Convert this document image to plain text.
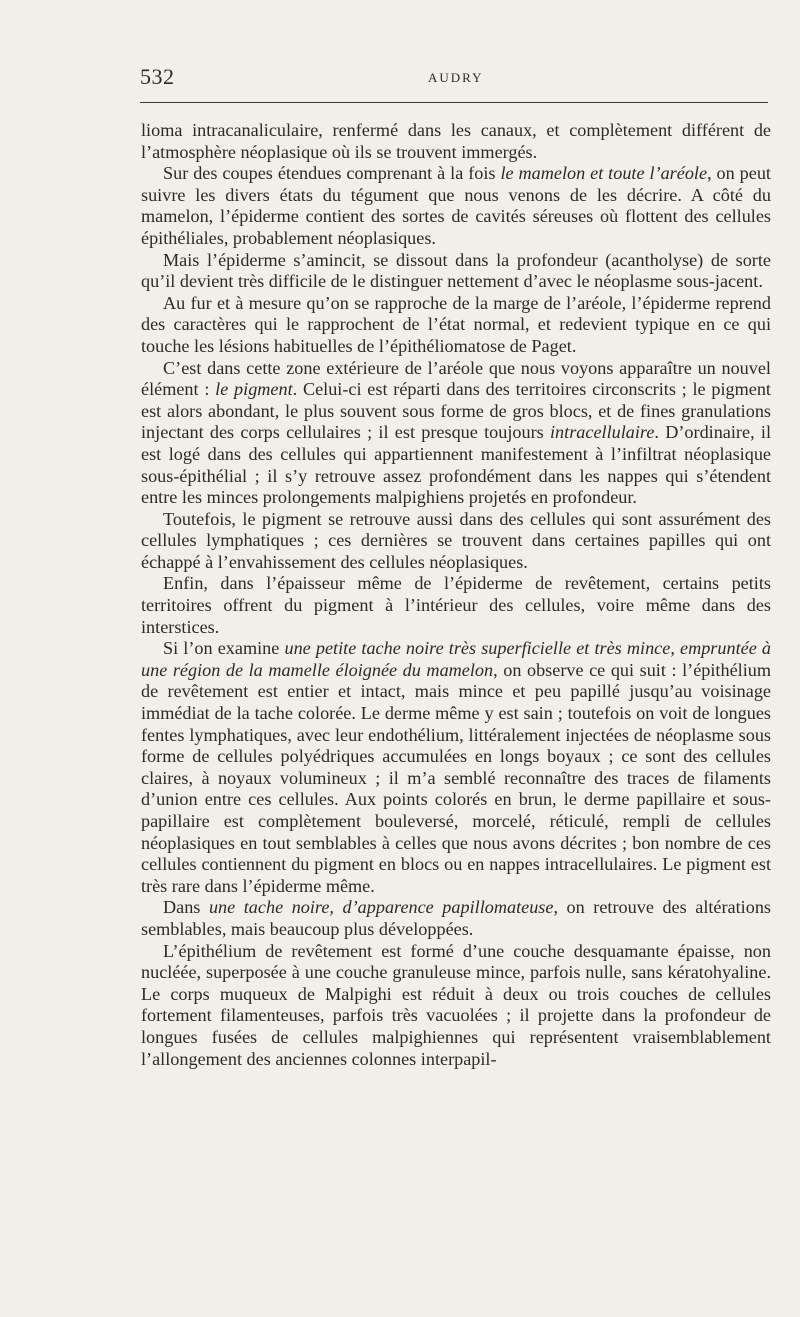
532	AUDRY

lioma intracanaliculaire, renfermé dans les canaux, et complètement différent de l’atmosphère néoplasique où ils se trouvent immergés.

Sur des coupes étendues comprenant à la fois le mamelon et toute l’aréole, on peut suivre les divers états du tégument que nous venons de les décrire. A côté du mamelon, l’épiderme contient des sortes de cavités séreuses où flottent des cellules épithéliales, probablement néoplasiques.

Mais l’épiderme s’amincit, se dissout dans la profondeur (acantholyse) de sorte qu’il devient très difficile de le distinguer nettement d’avec le néoplasme sous-jacent.

Au fur et à mesure qu’on se rapproche de la marge de l’aréole, l’épiderme reprend des caractères qui le rapprochent de l’état normal, et redevient typique en ce qui touche les lésions habituelles de l’épithéliomatose de Paget.

C’est dans cette zone extérieure de l’aréole que nous voyons apparaître un nouvel élément : le pigment. Celui-ci est réparti dans des territoires circonscrits ; le pigment est alors abondant, le plus souvent sous forme de gros blocs, et de fines granulations injectant des corps cellulaires ; il est presque toujours intracellulaire. D’ordinaire, il est logé dans des cellules qui appartiennent manifestement à l’infiltrat néoplasique sous-épithélial ; il s’y retrouve assez profondément dans les nappes qui s’étendent entre les minces prolongements malpighiens projetés en profondeur.

Toutefois, le pigment se retrouve aussi dans des cellules qui sont assurément des cellules lymphatiques ; ces dernières se trouvent dans certaines papilles qui ont échappé à l’envahissement des cellules néoplasiques.

Enfin, dans l’épaisseur même de l’épiderme de revêtement, certains petits territoires offrent du pigment à l’intérieur des cellules, voire même dans des interstices.

Si l’on examine une petite tache noire très superficielle et très mince, empruntée à une région de la mamelle éloignée du mamelon, on observe ce qui suit : l’épithélium de revêtement est entier et intact, mais mince et peu papillé jusqu’au voisinage immédiat de la tache colorée. Le derme même y est sain ; toutefois on voit de longues fentes lymphatiques, avec leur endothélium, littéralement injectées de néoplasme sous forme de cellules polyédriques accumulées en longs boyaux ; ce sont des cellules claires, à noyaux volumineux ; il m’a semblé reconnaître des traces de filaments d’union entre ces cellules. Aux points colorés en brun, le derme papillaire et sous-papillaire est complètement bouleversé, morcelé, réticulé, rempli de cellules néoplasiques en tout semblables à celles que nous avons décrites ; bon nombre de ces cellules contiennent du pigment en blocs ou en nappes intracellulaires. Le pigment est très rare dans l’épiderme même.

Dans une tache noire, d’apparence papillomateuse, on retrouve des altérations semblables, mais beaucoup plus développées.

L’épithélium de revêtement est formé d’une couche desquamante épaisse, non nucléée, superposée à une couche granuleuse mince, parfois nulle, sans kératohyaline. Le corps muqueux de Malpighi est réduit à deux ou trois couches de cellules fortement filamenteuses, parfois très vacuolées ; il projette dans la profondeur de longues fusées de cellules malpighiennes qui représentent vraisemblablement l’allongement des anciennes colonnes interpapil-
